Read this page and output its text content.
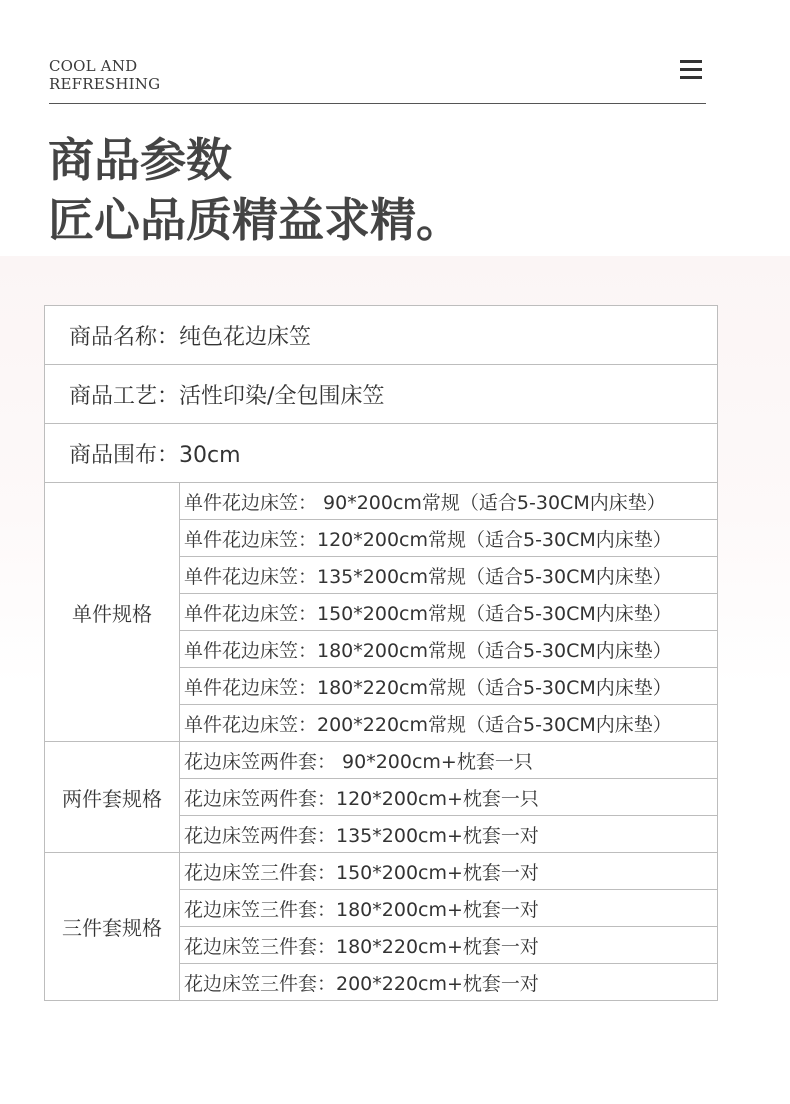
COOL AND
REFRESHING
商品参数
匠心品质精益求精。
商品名称：纯色花边床笠	
商品工艺：活性印染/全包围床笠	
商品围布：30cm	
单件规格	单件花边床笠： 90*200cm常规（适合5-30CM内床垫）
	单件花边床笠：120*200cm常规（适合5-30CM内床垫）
	单件花边床笠：135*200cm常规（适合5-30CM内床垫）
	单件花边床笠：150*200cm常规（适合5-30CM内床垫）
	单件花边床笠：180*200cm常规（适合5-30CM内床垫）
	单件花边床笠：180*220cm常规（适合5-30CM内床垫）
	单件花边床笠：200*220cm常规（适合5-30CM内床垫）
两件套规格	花边床笠两件套： 90*200cm+枕套一只
	花边床笠两件套：120*200cm+枕套一只
	花边床笠两件套：135*200cm+枕套一对
三件套规格	花边床笠三件套：150*200cm+枕套一对
	花边床笠三件套：180*200cm+枕套一对
	花边床笠三件套：180*220cm+枕套一对
	花边床笠三件套：200*220cm+枕套一对
